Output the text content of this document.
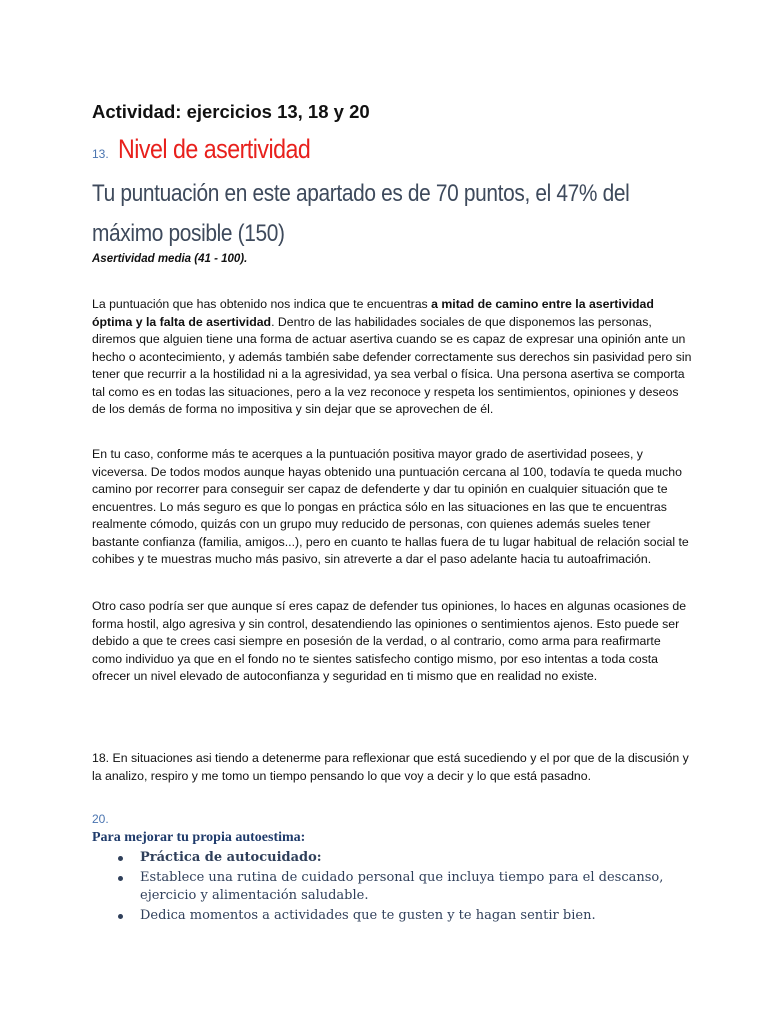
Actividad: ejercicios 13, 18 y 20
13. Nivel de asertividad
Tu puntuación en este apartado es de 70 puntos, el 47% del
máximo posible (150)
Asertividad media (41 - 100).
La puntuación que has obtenido nos indica que te encuentras a mitad de camino entre la asertividad óptima y la falta de asertividad. Dentro de las habilidades sociales de que disponemos las personas, diremos que alguien tiene una forma de actuar asertiva cuando se es capaz de expresar una opinión ante un hecho o acontecimiento, y además también sabe defender correctamente sus derechos sin pasividad pero sin tener que recurrir a la hostilidad ni a la agresividad, ya sea verbal o física. Una persona asertiva se comporta tal como es en todas las situaciones, pero a la vez reconoce y respeta los sentimientos, opiniones y deseos de los demás de forma no impositiva y sin dejar que se aprovechen de él.
En tu caso, conforme más te acerques a la puntuación positiva mayor grado de asertividad posees, y viceversa. De todos modos aunque hayas obtenido una puntuación cercana al 100, todavía te queda mucho camino por recorrer para conseguir ser capaz de defenderte y dar tu opinión en cualquier situación que te encuentres. Lo más seguro es que lo pongas en práctica sólo en las situaciones en las que te encuentras realmente cómodo, quizás con un grupo muy reducido de personas, con quienes además sueles tener bastante confianza (familia, amigos...), pero en cuanto te hallas fuera de tu lugar habitual de relación social te cohibes y te muestras mucho más pasivo, sin atreverte a dar el paso adelante hacia tu autoafrimación.
Otro caso podría ser que aunque sí eres capaz de defender tus opiniones, lo haces en algunas ocasiones de
forma hostil, algo agresiva y sin control, desatendiendo las opiniones o sentimientos ajenos. Esto puede ser
debido a que te crees casi siempre en posesión de la verdad, o al contrario, como arma para reafirmarte como individuo ya que en el fondo no te sientes satisfecho contigo mismo, por eso intentas a toda costa ofrecer un nivel elevado de autoconfianza y seguridad en ti mismo que en realidad no existe.
18. En situaciones asi tiendo a detenerme para reflexionar que está sucediendo y el por que de la discusión y la analizo, respiro y me tomo un tiempo pensando lo que voy a decir y lo que está pasadno.
20.
Para mejorar tu propia autoestima:
Práctica de autocuidado:
Establece una rutina de cuidado personal que incluya tiempo para el descanso, ejercicio y alimentación saludable.
Dedica momentos a actividades que te gusten y te hagan sentir bien.
